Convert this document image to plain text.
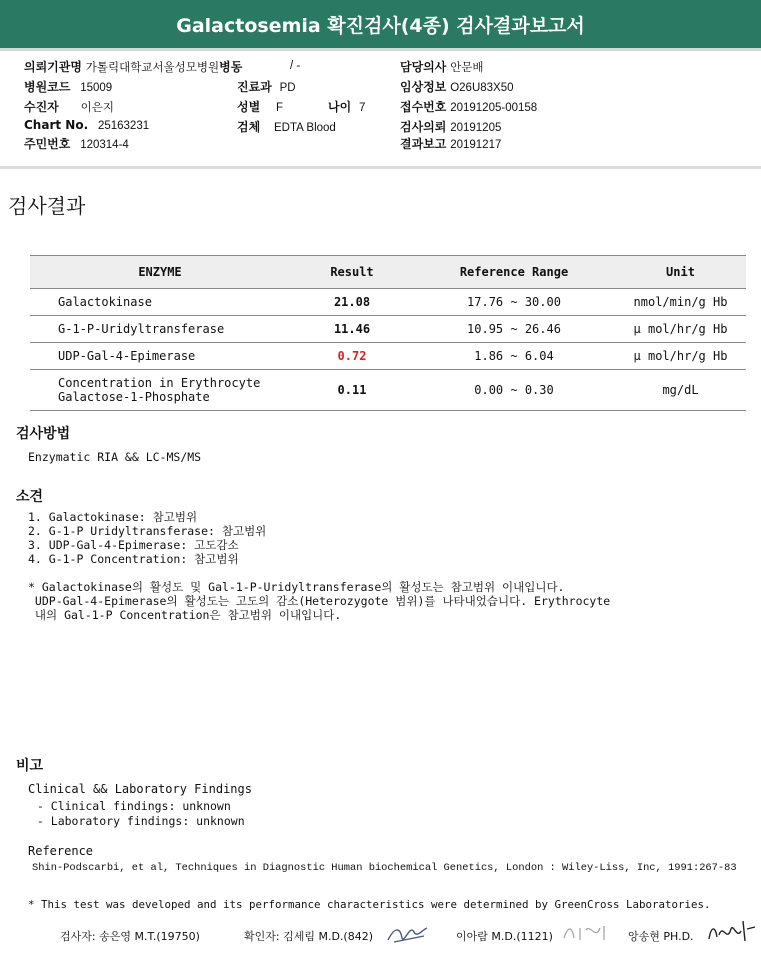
Galactosemia 확진검사(4종) 검사결과보고서
의뢰기관명 가톨릭대학교서울성모병원병동	/ -	담당의사 안문배
병원코드 15009	진료과 PD	임상정보 O26U83X50
수진자 이은지	성별 F	나이 7	접수번호 20191205-00158
Chart No. 25163231	검체 EDTA Blood	검사의뢰 20191205
주민번호 120314-4	결과보고 20191217
검사결과
ENZYME	Result	Reference Range	Unit
Galactokinase	21.08	17.76 ~ 30.00	nmol/min/g Hb
G-1-P-Uridyltransferase	11.46	10.95 ~ 26.46	μ mol/hr/g Hb
UDP-Gal-4-Epimerase	0.72	1.86 ~ 6.04	μ mol/hr/g Hb

Concentration in Erythrocyte
Galactose-1-Phosphate	0.11	0.00 ~ 0.30	mg/dL
검사방법
Enzymatic RIA && LC-MS/MS
소견
1. Galactokinase: 참고범위
2. G-1-P Uridyltransferase: 참고범위
3. UDP-Gal-4-Epimerase: 고도감소
4. G-1-P Concentration: 참고범위
* Galactokinase의 활성도 및 Gal-1-P-Uridyltransferase의 활성도는 참고범위 이내입니다.
UDP-Gal-4-Epimerase의 활성도는 고도의 감소(Heterozygote 범위)를 나타내었습니다. Erythrocyte
내의 Gal-1-P Concentration은 참고범위 이내입니다.
비고
Clinical && Laboratory Findings
- Clinical findings: unknown
- Laboratory findings: unknown
Reference
Shin-Podscarbi, et al, Techniques in Diagnostic Human biochemical Genetics, London : Wiley-Liss, Inc, 1991:267-83
* This test was developed and its performance characteristics were determined by GreenCross Laboratories.
검사자: 송은영 M.T.(19750)	확인자: 김세림 M.D.(842)	이아람 M.D.(1121)	앙송현 PH.D.
